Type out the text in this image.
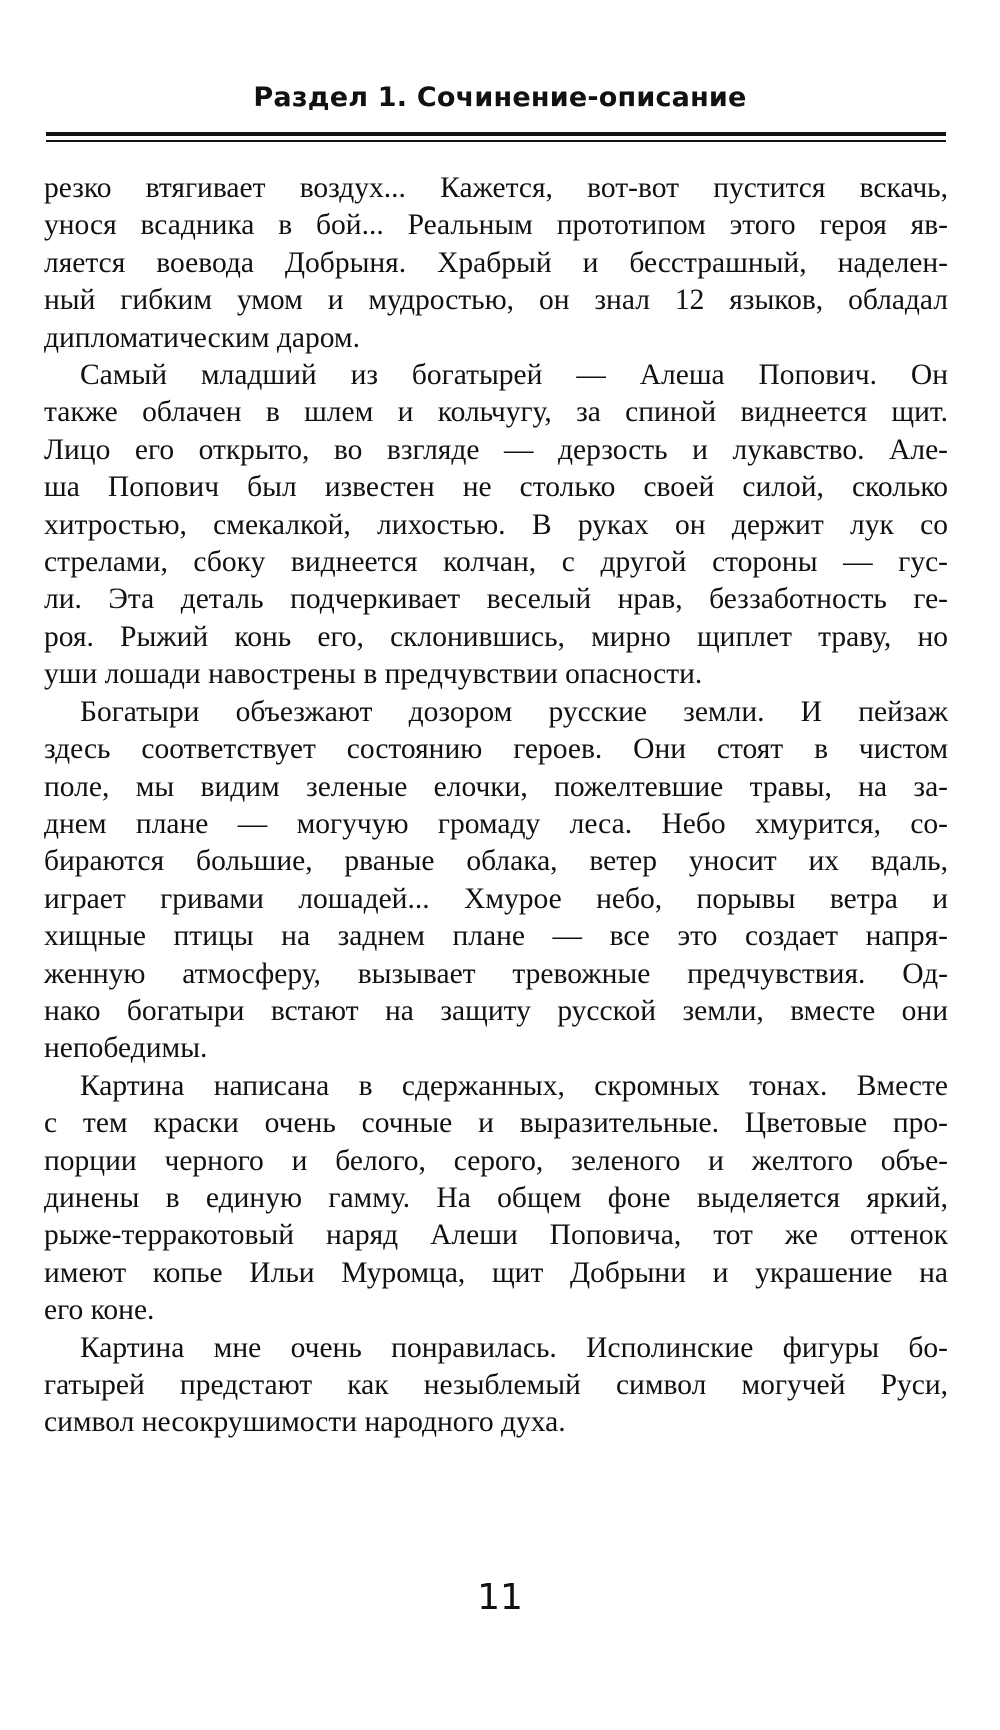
Раздел 1. Сочинение-описание
резко втягивает воздух... Кажется, вот-вот пустится вскачь,
унося всадника в бой... Реальным прототипом этого героя яв-
ляется воевода Добрыня. Храбрый и бесстрашный, наделен-
ный гибким умом и мудростью, он знал 12 языков, обладал
дипломатическим даром.
Самый младший из богатырей — Алеша Попович. Он
также облачен в шлем и кольчугу, за спиной виднеется щит.
Лицо его открыто, во взгляде — дерзость и лукавство. Але-
ша Попович был известен не столько своей силой, сколько
хитростью, смекалкой, лихостью. В руках он держит лук со
стрелами, сбоку виднеется колчан, с другой стороны — гус-
ли. Эта деталь подчеркивает веселый нрав, беззаботность ге-
роя. Рыжий конь его, склонившись, мирно щиплет траву, но
уши лошади навострены в предчувствии опасности.
Богатыри объезжают дозором русские земли. И пейзаж
здесь соответствует состоянию героев. Они стоят в чистом
поле, мы видим зеленые елочки, пожелтевшие травы, на за-
днем плане — могучую громаду леса. Небо хмурится, со-
бираются большие, рваные облака, ветер уносит их вдаль,
играет гривами лошадей... Хмурое небо, порывы ветра и
хищные птицы на заднем плане — все это создает напря-
женную атмосферу, вызывает тревожные предчувствия. Од-
нако богатыри встают на защиту русской земли, вместе они
непобедимы.
Картина написана в сдержанных, скромных тонах. Вместе
с тем краски очень сочные и выразительные. Цветовые про-
порции черного и белого, серого, зеленого и желтого объе-
динены в единую гамму. На общем фоне выделяется яркий,
рыже-терракотовый наряд Алеши Поповича, тот же оттенок
имеют копье Ильи Муромца, щит Добрыни и украшение на
его коне.
Картина мне очень понравилась. Исполинские фигуры бо-
гатырей предстают как незыблемый символ могучей Руси,
символ несокрушимости народного духа.
11
